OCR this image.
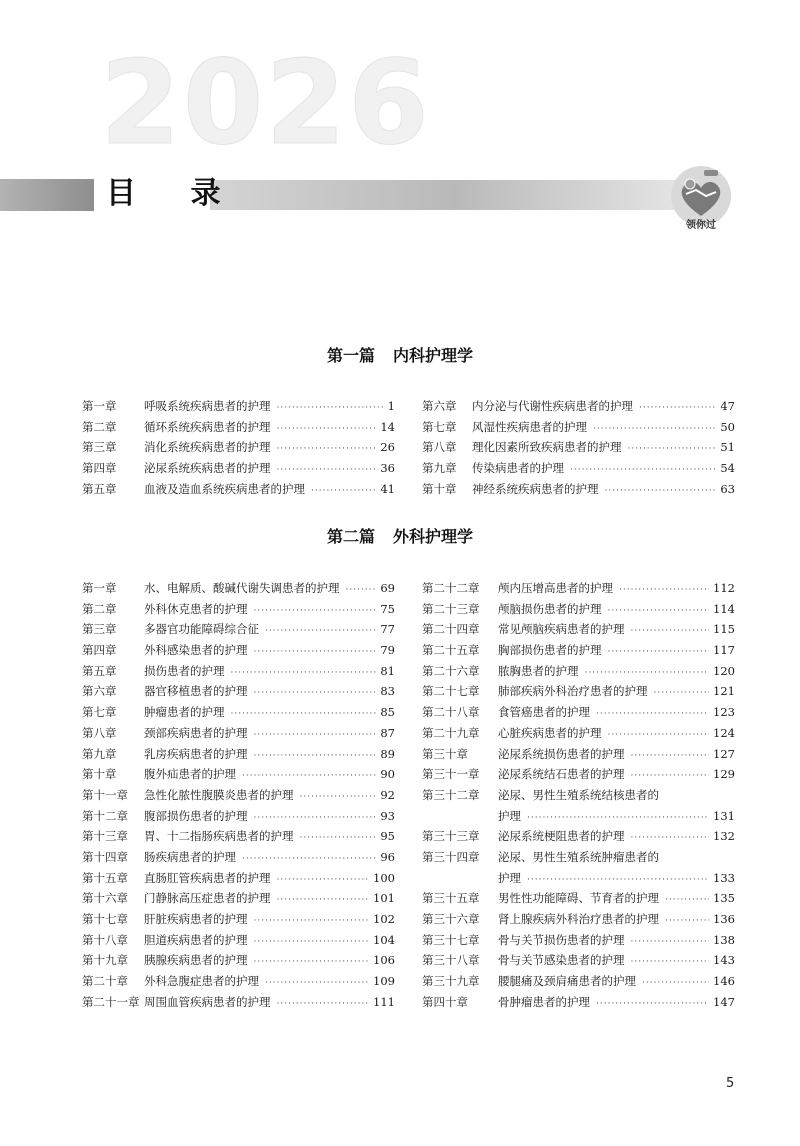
2026
目 录
领你过
第一篇 内科护理学
第一章	呼吸系统疾病患者的护理 ·····	1
第二章	循环系统疾病患者的护理 ·····	14
第三章	消化系统疾病患者的护理 ·····	26
第四章	泌尿系统疾病患者的护理 ·····	36
第五章	血液及造血系统疾病患者的护理 ·····	41
第六章	内分泌与代谢性疾病患者的护理 ·····	47
第七章	风湿性疾病患者的护理 ·····	50
第八章	理化因素所致疾病患者的护理 ·····	51
第九章	传染病患者的护理 ·····	54
第十章	神经系统疾病患者的护理 ·····	63
第二篇 外科护理学
第一章	水、电解质、酸碱代谢失调患者的护理 ·····	69
第二章	外科休克患者的护理 ·····	75
第三章	多器官功能障碍综合征 ·····	77
第四章	外科感染患者的护理 ·····	79
第五章	损伤患者的护理 ·····	81
第六章	器官移植患者的护理 ·····	83
第七章	肿瘤患者的护理 ·····	85
第八章	颈部疾病患者的护理 ·····	87
第九章	乳房疾病患者的护理 ·····	89
第十章	腹外疝患者的护理 ·····	90
第十一章	急性化脓性腹膜炎患者的护理 ·····	92
第十二章	腹部损伤患者的护理 ·····	93
第十三章	胃、十二指肠疾病患者的护理 ·····	95
第十四章	肠疾病患者的护理 ·····	96
第十五章	直肠肛管疾病患者的护理 ·····	100
第十六章	门静脉高压症患者的护理 ·····	101
第十七章	肝脏疾病患者的护理 ·····	102
第十八章	胆道疾病患者的护理 ·····	104
第十九章	胰腺疾病患者的护理 ·····	106
第二十章	外科急腹症患者的护理 ·····	109
第二十一章 周围血管疾病患者的护理 ·····	111
第二十二章	颅内压增高患者的护理 ·····	112
第二十三章	颅脑损伤患者的护理 ·····	114
第二十四章	常见颅脑疾病患者的护理 ·····	115
第二十五章	胸部损伤患者的护理 ·····	117
第二十六章	脓胸患者的护理 ·····	120
第二十七章	肺部疾病外科治疗患者的护理 ·····	121
第二十八章	食管癌患者的护理 ·····	123
第二十九章	心脏疾病患者的护理 ·····	124
第三十章	泌尿系统损伤患者的护理 ·····	127
第三十一章	泌尿系统结石患者的护理 ·····	129
第三十二章	泌尿、男性生殖系统结核患者的
护理 ·····	131
第三十三章	泌尿系统梗阻患者的护理 ·····	132
第三十四章	泌尿、男性生殖系统肿瘤患者的
护理 ·····	133
第三十五章	男性性功能障碍、节育者的护理 ·····	135
第三十六章	肾上腺疾病外科治疗患者的护理 ·····	136
第三十七章	骨与关节损伤患者的护理 ·····	138
第三十八章	骨与关节感染患者的护理 ·····	143
第三十九章	腰腿痛及颈肩痛患者的护理 ·····	146
第四十章	骨肿瘤患者的护理 ·····	147
5
